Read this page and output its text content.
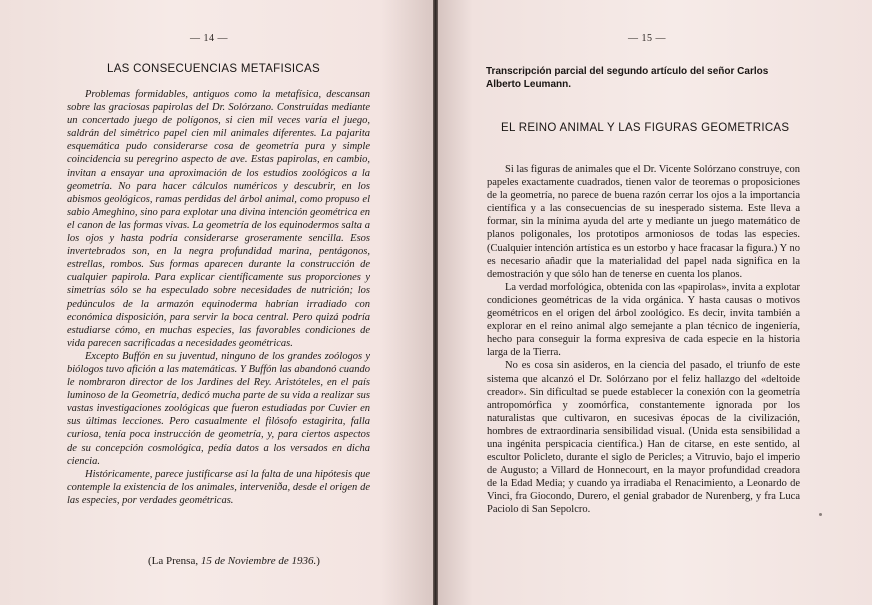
— 14 —
LAS CONSECUENCIAS METAFISICAS

Problemas formidables, antiguos como la metafísica, descansan sobre las graciosas papirolas del Dr. Solórzano. Construídas mediante un concertado juego de polígonos, si cien mil veces varía el juego, saldrán del simétrico papel cien mil animales diferentes. La pajarita esquemática pudo considerarse cosa de geometría pura y simple coincidencia su peregrino aspecto de ave. Estas papirolas, en cambio, invitan a ensayar una aproximación de los estudios zoológicos a la geometría. No para hacer cálculos numéricos y descubrir, en los abismos geológicos, ramas perdidas del árbol animal, como propuso el sabio Ameghino, sino para explotar una divina intención geométrica en el canon de las formas vivas. La geometría de los equinodermos salta a los ojos y hasta podría considerarse groseramente sencilla. Esos invertebrados son, en la negra profundidad marina, pentágonos, estrellas, rombos. Sus formas aparecen durante la construcción de cualquier papirola. Para explicar científicamente sus proporciones y simetrías sólo se ha especulado sobre necesidades de nutrición; los pedúnculos de la armazón equinoderma habrían irradiado con económica disposición, para servir la boca central. Pero quizá podría estudiarse cómo, en muchas especies, las favorables condiciones de vida parecen sacrificadas a necesidades geométricas.

Excepto Buffón en su juventud, ninguno de los grandes zoólogos y biólogos tuvo afición a las matemáticas. Y Buffón las abandonó cuando le nombraron director de los Jardines del Rey. Aristóteles, en el país luminoso de la Geometría, dedicó mucha parte de su vida a realizar sus vastas investigaciones zoológicas que fueron estudiadas por Cuvier en sus últimas lecciones. Pero casualmente el filósofo estagirita, falla curiosa, tenía poca instrucción de geometría, y, para ciertos aspectos de su concepción cosmológica, pedía datos a los versados en dicha ciencia.

Históricamente, parece justificarse así la falta de una hipótesis que contemple la existencia de los animales, interveniða, desde el origen de las especies, por verdades geométricas.

(La Prensa, 15 de Noviembre de 1936.)
— 15 —

Transcripción parcial del segundo artículo del señor Carlos Alberto Leumann.

EL REINO ANIMAL Y LAS FIGURAS GEOMETRICAS

Si las figuras de animales que el Dr. Vicente Solórzano construye, con papeles exactamente cuadrados, tienen valor de teoremas o proposiciones de la geometría, no parece de buena razón cerrar los ojos a la importancia científica y a las consecuencias de su inesperado sistema. Este lleva a formar, sin la mínima ayuda del arte y mediante un juego matemático de planos poligonales, los prototipos armoniosos de todas las especies. (Cualquier intención artística es un estorbo y hace fracasar la figura.) Y no es necesario añadir que la materialidad del papel nada significa en la demostración y que sólo han de tenerse en cuenta los planos.

La verdad morfológica, obtenida con las «papirolas», invita a explotar condiciones geométricas de la vida orgánica. Y hasta causas o motivos geométricos en el origen del árbol zoológico. Es decir, invita también a explorar en el reino animal algo semejante a plan técnico de ingeniería, hecho para conseguir la forma expresiva de cada especie en la historia larga de la Tierra.

No es cosa sin asideros, en la ciencia del pasado, el triunfo de este sistema que alcanzó el Dr. Solórzano por el feliz hallazgo del «deltoide creador». Sin dificultad se puede establecer la conexión con la geometría antropomórfica y zoomórfica, constantemente ignorada por los naturalistas que cultivaron, en sucesivas épocas de la civilización, hombres de extraordinaria sensibilidad visual. (Unida esta sensibilidad a una ingénita perspicacia científica.) Han de citarse, en este sentido, al escultor Policleto, durante el siglo de Pericles; a Vitruvio, bajo el imperio de Augusto; a Villard de Honnecourt, en la mayor profundidad creadora de la Edad Media; y cuando ya irradiaba el Renacimiento, a Leonardo de Vinci, fra Giocondo, Durero, el genial grabador de Nurenberg, y fra Luca Paciolo di San Sepolcro.
